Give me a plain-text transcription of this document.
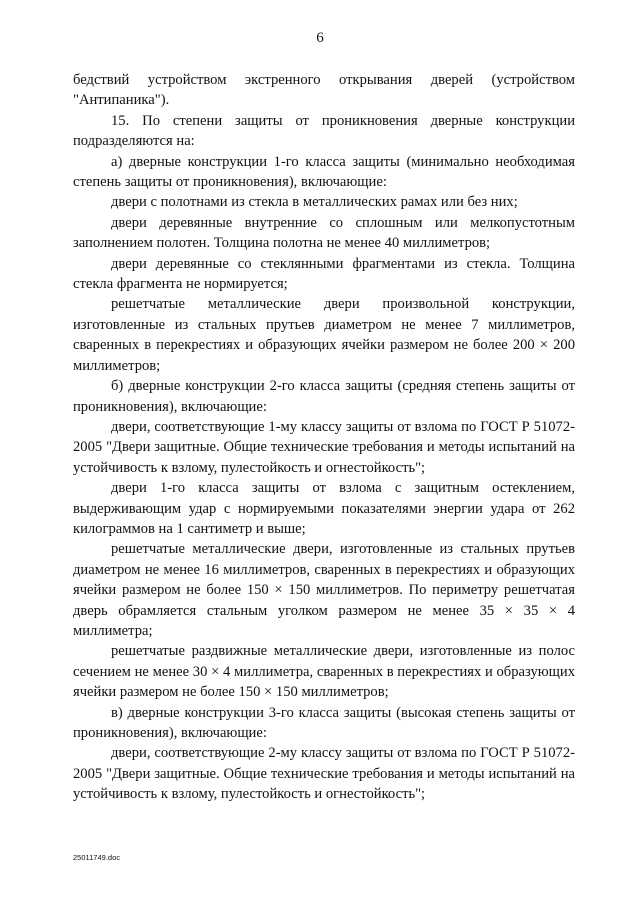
6

бедствий устройством экстренного открывания дверей (устройством "Антипаника").

15. По степени защиты от проникновения дверные конструкции подразделяются на:

а) дверные конструкции 1-го класса защиты (минимально необходимая степень защиты от проникновения), включающие:

двери с полотнами из стекла в металлических рамах или без них;

двери деревянные внутренние со сплошным или мелкопустотным заполнением полотен. Толщина полотна не менее 40 миллиметров;

двери деревянные со стеклянными фрагментами из стекла. Толщина стекла фрагмента не нормируется;

решетчатые металлические двери произвольной конструкции, изготовленные из стальных прутьев диаметром не менее 7 миллиметров, сваренных в перекрестиях и образующих ячейки размером не более 200 × 200 миллиметров;

б) дверные конструкции 2-го класса защиты (средняя степень защиты от проникновения), включающие:

двери, соответствующие 1-му классу защиты от взлома по ГОСТ Р 51072-2005 "Двери защитные. Общие технические требования и методы испытаний на устойчивость к взлому, пулестойкость и огнестойкость";

двери 1-го класса защиты от взлома с защитным остеклением, выдерживающим удар с нормируемыми показателями энергии удара от 262 килограммов на 1 сантиметр и выше;

решетчатые металлические двери, изготовленные из стальных прутьев диаметром не менее 16 миллиметров, сваренных в перекрестиях и образующих ячейки размером не более 150 × 150 миллиметров. По периметру решетчатая дверь обрамляется стальным уголком размером не менее 35 × 35 × 4 миллиметра;

решетчатые раздвижные металлические двери, изготовленные из полос сечением не менее 30 × 4 миллиметра, сваренных в перекрестиях и образующих ячейки размером не более 150 × 150 миллиметров;

в) дверные конструкции 3-го класса защиты (высокая степень защиты от проникновения), включающие:

двери, соответствующие 2-му классу защиты от взлома по ГОСТ Р 51072-2005 "Двери защитные. Общие технические требования и методы испытаний на устойчивость к взлому, пулестойкость и огнестойкость";

25011749.doc
